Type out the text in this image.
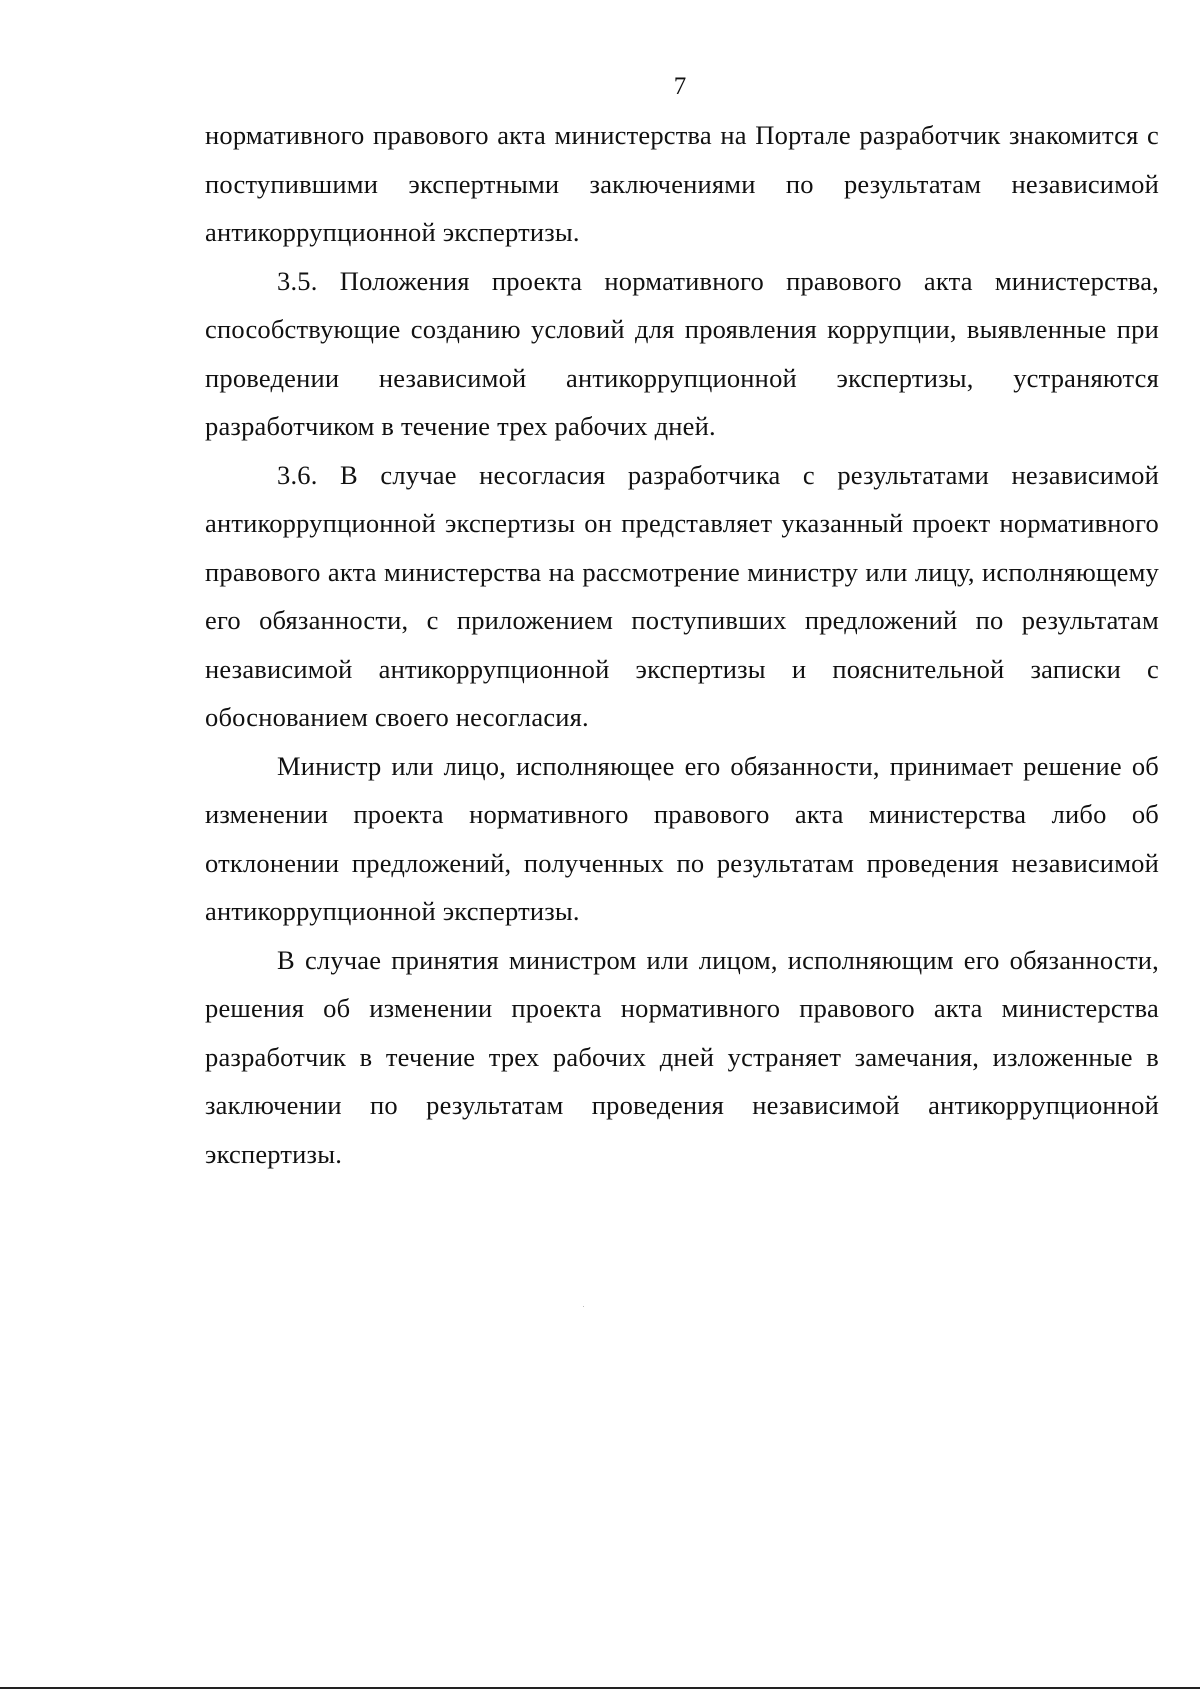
7

нормативного правового акта министерства на Портале разработчик знакомится с поступившими экспертными заключениями по результатам независимой антикоррупционной экспертизы.

3.5. Положения проекта нормативного правового акта министерства, способствующие созданию условий для проявления коррупции, выявленные при проведении независимой антикоррупционной экспертизы, устраняются разработчиком в течение трех рабочих дней.

3.6. В случае несогласия разработчика с результатами независимой антикоррупционной экспертизы он представляет указанный проект нормативного правового акта министерства на рассмотрение министру или лицу, исполняющему его обязанности, с приложением поступивших предложений по результатам независимой антикоррупционной экспертизы и пояснительной записки с обоснованием своего несогласия.

Министр или лицо, исполняющее его обязанности, принимает решение об изменении проекта нормативного правового акта министерства либо об отклонении предложений, полученных по результатам проведения независимой антикоррупционной экспертизы.

В случае принятия министром или лицом, исполняющим его обязанности, решения об изменении проекта нормативного правового акта министерства разработчик в течение трех рабочих дней устраняет замечания, изложенные в заключении по результатам проведения независимой антикоррупционной экспертизы.
